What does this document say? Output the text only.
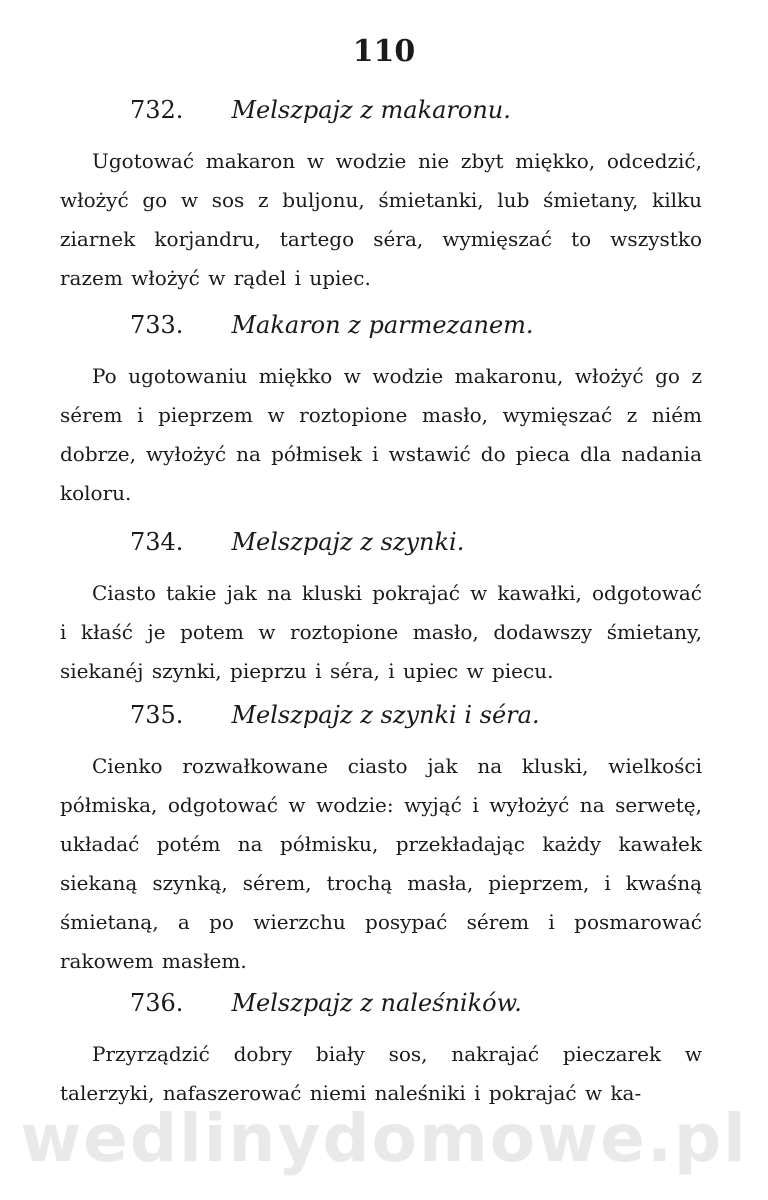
110
732. Melszpajz z makaronu.

Ugotować makaron w wodzie nie zbyt miękko, odcedzić, włożyć go w sos z buljonu, śmietanki, lub śmietany, kilku ziarnek korjandru, tartego séra, wymięszać to wszystko razem włożyć w rądel i upiec.

733. Makaron z parmezanem.

Po ugotowaniu miękko w wodzie makaronu, włożyć go z sérem i pieprzem w roztopione masło, wymięszać z niém dobrze, wyłożyć na półmisek i wstawić do pieca dla nadania koloru.

734. Melszpajz z szynki.

Ciasto takie jak na kluski pokrajać w kawałki, odgotować i kłaść je potem w roztopione masło, dodawszy śmietany, siekanéj szynki, pieprzu i séra, i upiec w piecu.

735. Melszpajz z szynki i séra.

Cienko rozwałkowane ciasto jak na kluski, wielkości półmiska, odgotować w wodzie: wyjąć i wyłożyć na serwetę, układać potém na półmisku, przekładając każdy kawałek siekaną szynką, sérem, trochą masła, pieprzem, i kwaśną śmietaną, a po wierzchu posypać sérem i posmarować rakowem masłem.

736. Melszpajz z naleśników.

Przyrządzić dobry biały sos, nakrajać pieczarek w talerzyki, nafaszerować niemi naleśniki i pokrajać w ka-

wedlinydomowe.pl
